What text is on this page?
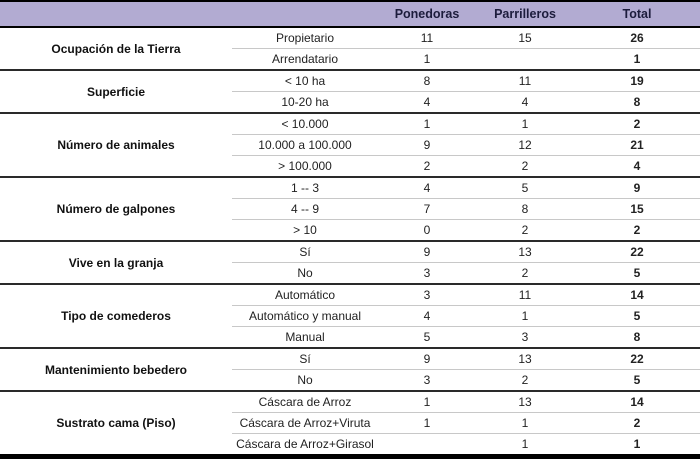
		Ponedoras	Parrilleros	Total
Ocupación de la Tierra	Propietario	11	15	26
	Arrendatario	1		1
Superficie	< 10 ha	8	11	19
	10-20 ha	4	4	8
Número de animales	< 10.000	1	1	2
	10.000 a 100.000	9	12	21
	> 100.000	2	2	4
Número de galpones	1 -- 3	4	5	9
	4 -- 9	7	8	15
	> 10	0	2	2
Vive en la granja	Sí	9	13	22
	No	3	2	5
Tipo de comederos	Automático	3	11	14
	Automático y manual	4	1	5
	Manual	5	3	8
Mantenimiento bebedero	Sí	9	13	22
	No	3	2	5
Sustrato cama (Piso)	Cáscara de Arroz	1	13	14
	Cáscara de Arroz+Viruta	1	1	2
	Cáscara de Arroz+Girasol		1	1
